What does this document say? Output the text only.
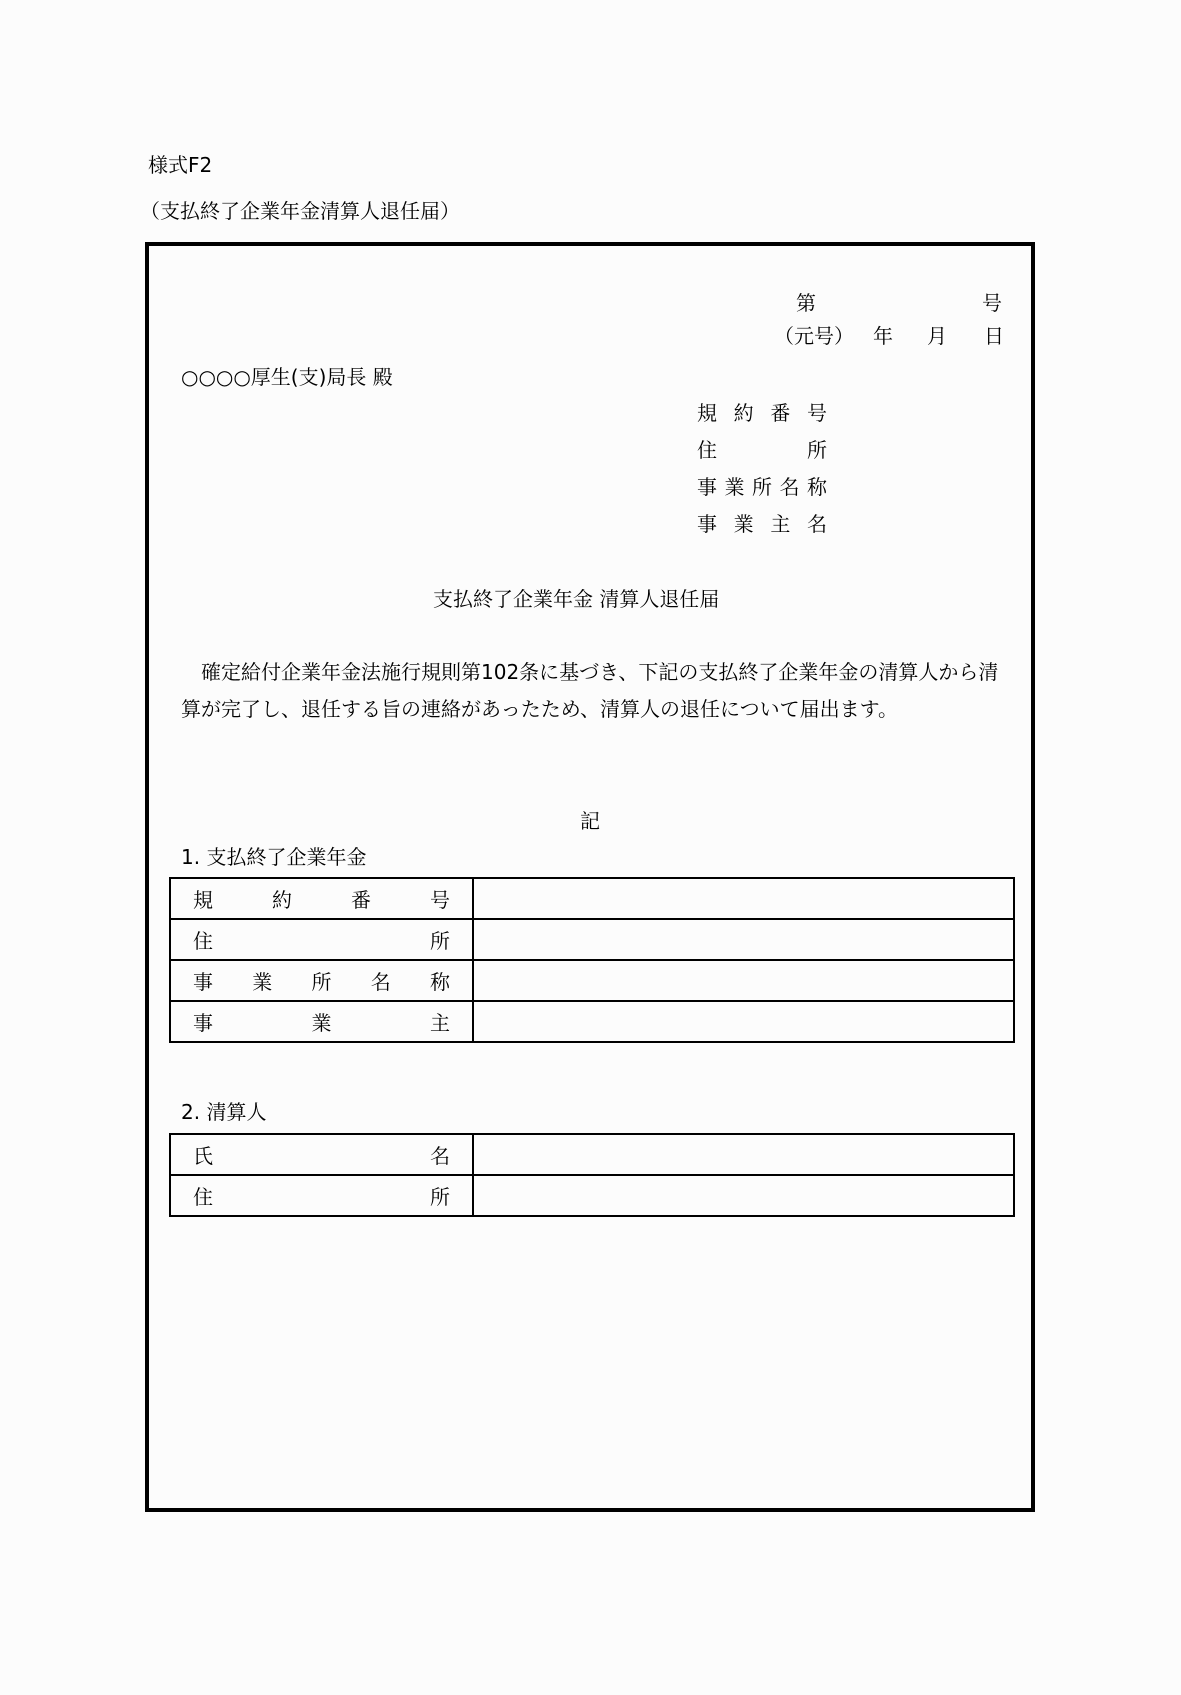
様式F2
（支払終了企業年金清算人退任届）
第	号
（元号） 年 月 日
○○○○厚生(支)局長 殿
規 約 番 号
住	所
事 業 所 名 称
事 業 主 名
支払終了企業年金 清算人退任届
　確定給付企業年金法施行規則第102条に基づき、下記の支払終了企業年金の清算人から清算が完了し、退任する旨の連絡があったため、清算人の退任について届出ます。
記
1. 支払終了企業年金
規 約 番 号	

住 所	

事 業 所 名 称	

事 業 主	

2. 清算人
氏 名	

住 所	
